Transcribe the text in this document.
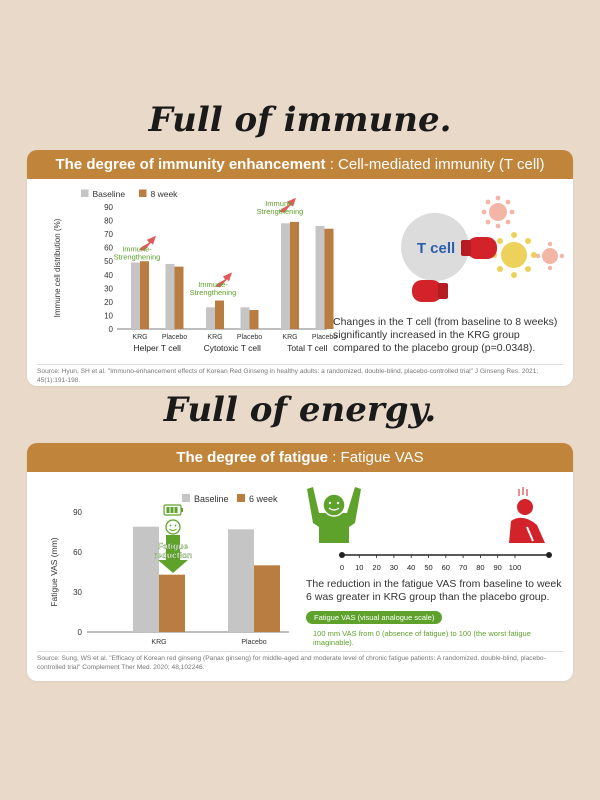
Full of immune.
The degree of immunity enhancement : Cell-mediated immunity (T cell)
Baseline	8 week
Immune cell distribution (%)
0
10
20
30
40
50
60
70
80
90
KRG Placebo	KRG Placebo	KRG Placebo
Helper T cell	Cytotoxic T cell	Total T cell
Immune-
Strengthening
Immune-
Strengthening
Immune-
Strengthening
T cell
Changes in the T cell (from baseline to 8 weeks) significantly increased in the KRG group compared to the placebo group (p=0.0348).
Source: Hyun, SH et al. "Immuno-enhancement effects of Korean Red Ginseng in healthy adults: a randomized, double-blind, placebo-controlled trial" J Ginseng Res. 2021; 45(1):191-198.
Full of energy.
The degree of fatigue : Fatigue VAS
Baseline 6 week
Fatigue VAS (mm)
0
30
60
90
KRG	Placebo
Fatigue
reduction
0 10 20 30 40 50 60 70 80 90 100
The reduction in the fatigue VAS from baseline to week 6 was greater in KRG group than the placebo group.
Fatigue VAS (visual analogue scale)
100 mm VAS from 0 (absence of fatigue) to 100 (the worst fatigue imaginable).
Source: Sung, WS et al. "Efficacy of Korean red ginseng (Panax ginseng) for middle-aged and moderate level of chronic fatigue patients: A randomized, double-blind, placebo-controlled trial" Complement Ther Med. 2020; 48,102246.
